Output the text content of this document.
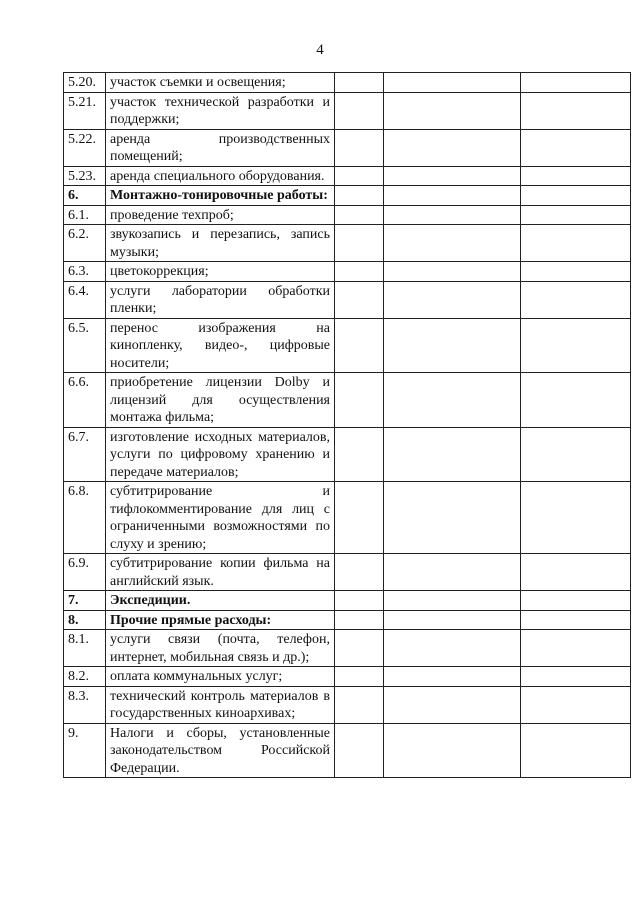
4
5.20.	участок съемки и освещения;			
5.21.	участок технической разработки и поддержки;			
5.22.	аренда производственных помещений;			
5.23.	аренда специального оборудования.			
6.	Монтажно-тонировочные работы:			
6.1.	проведение техпроб;			
6.2.	звукозапись и перезапись, запись музыки;			
6.3.	цветокоррекция;			
6.4.	услуги лаборатории обработки пленки;			
6.5.	перенос изображения на кинопленку, видео-, цифровые носители;			
6.6.	приобретение лицензии Dolby и лицензий для осуществления монтажа фильма;			
6.7.	изготовление исходных материалов, услуги по цифровому хранению и передаче материалов;			
6.8.	субтитрирование и тифлокомментирование для лиц с ограниченными возможностями по слуху и зрению;			
6.9.	субтитрирование копии фильма на английский язык.			
7.	Экспедиции.			
8.	Прочие прямые расходы:			
8.1.	услуги связи (почта, телефон, интернет, мобильная связь и др.);			
8.2.	оплата коммунальных услуг;			
8.3.	технический контроль материалов в государственных киноархивах;			
9.	Налоги и сборы, установленные законодательством Российской Федерации.			
